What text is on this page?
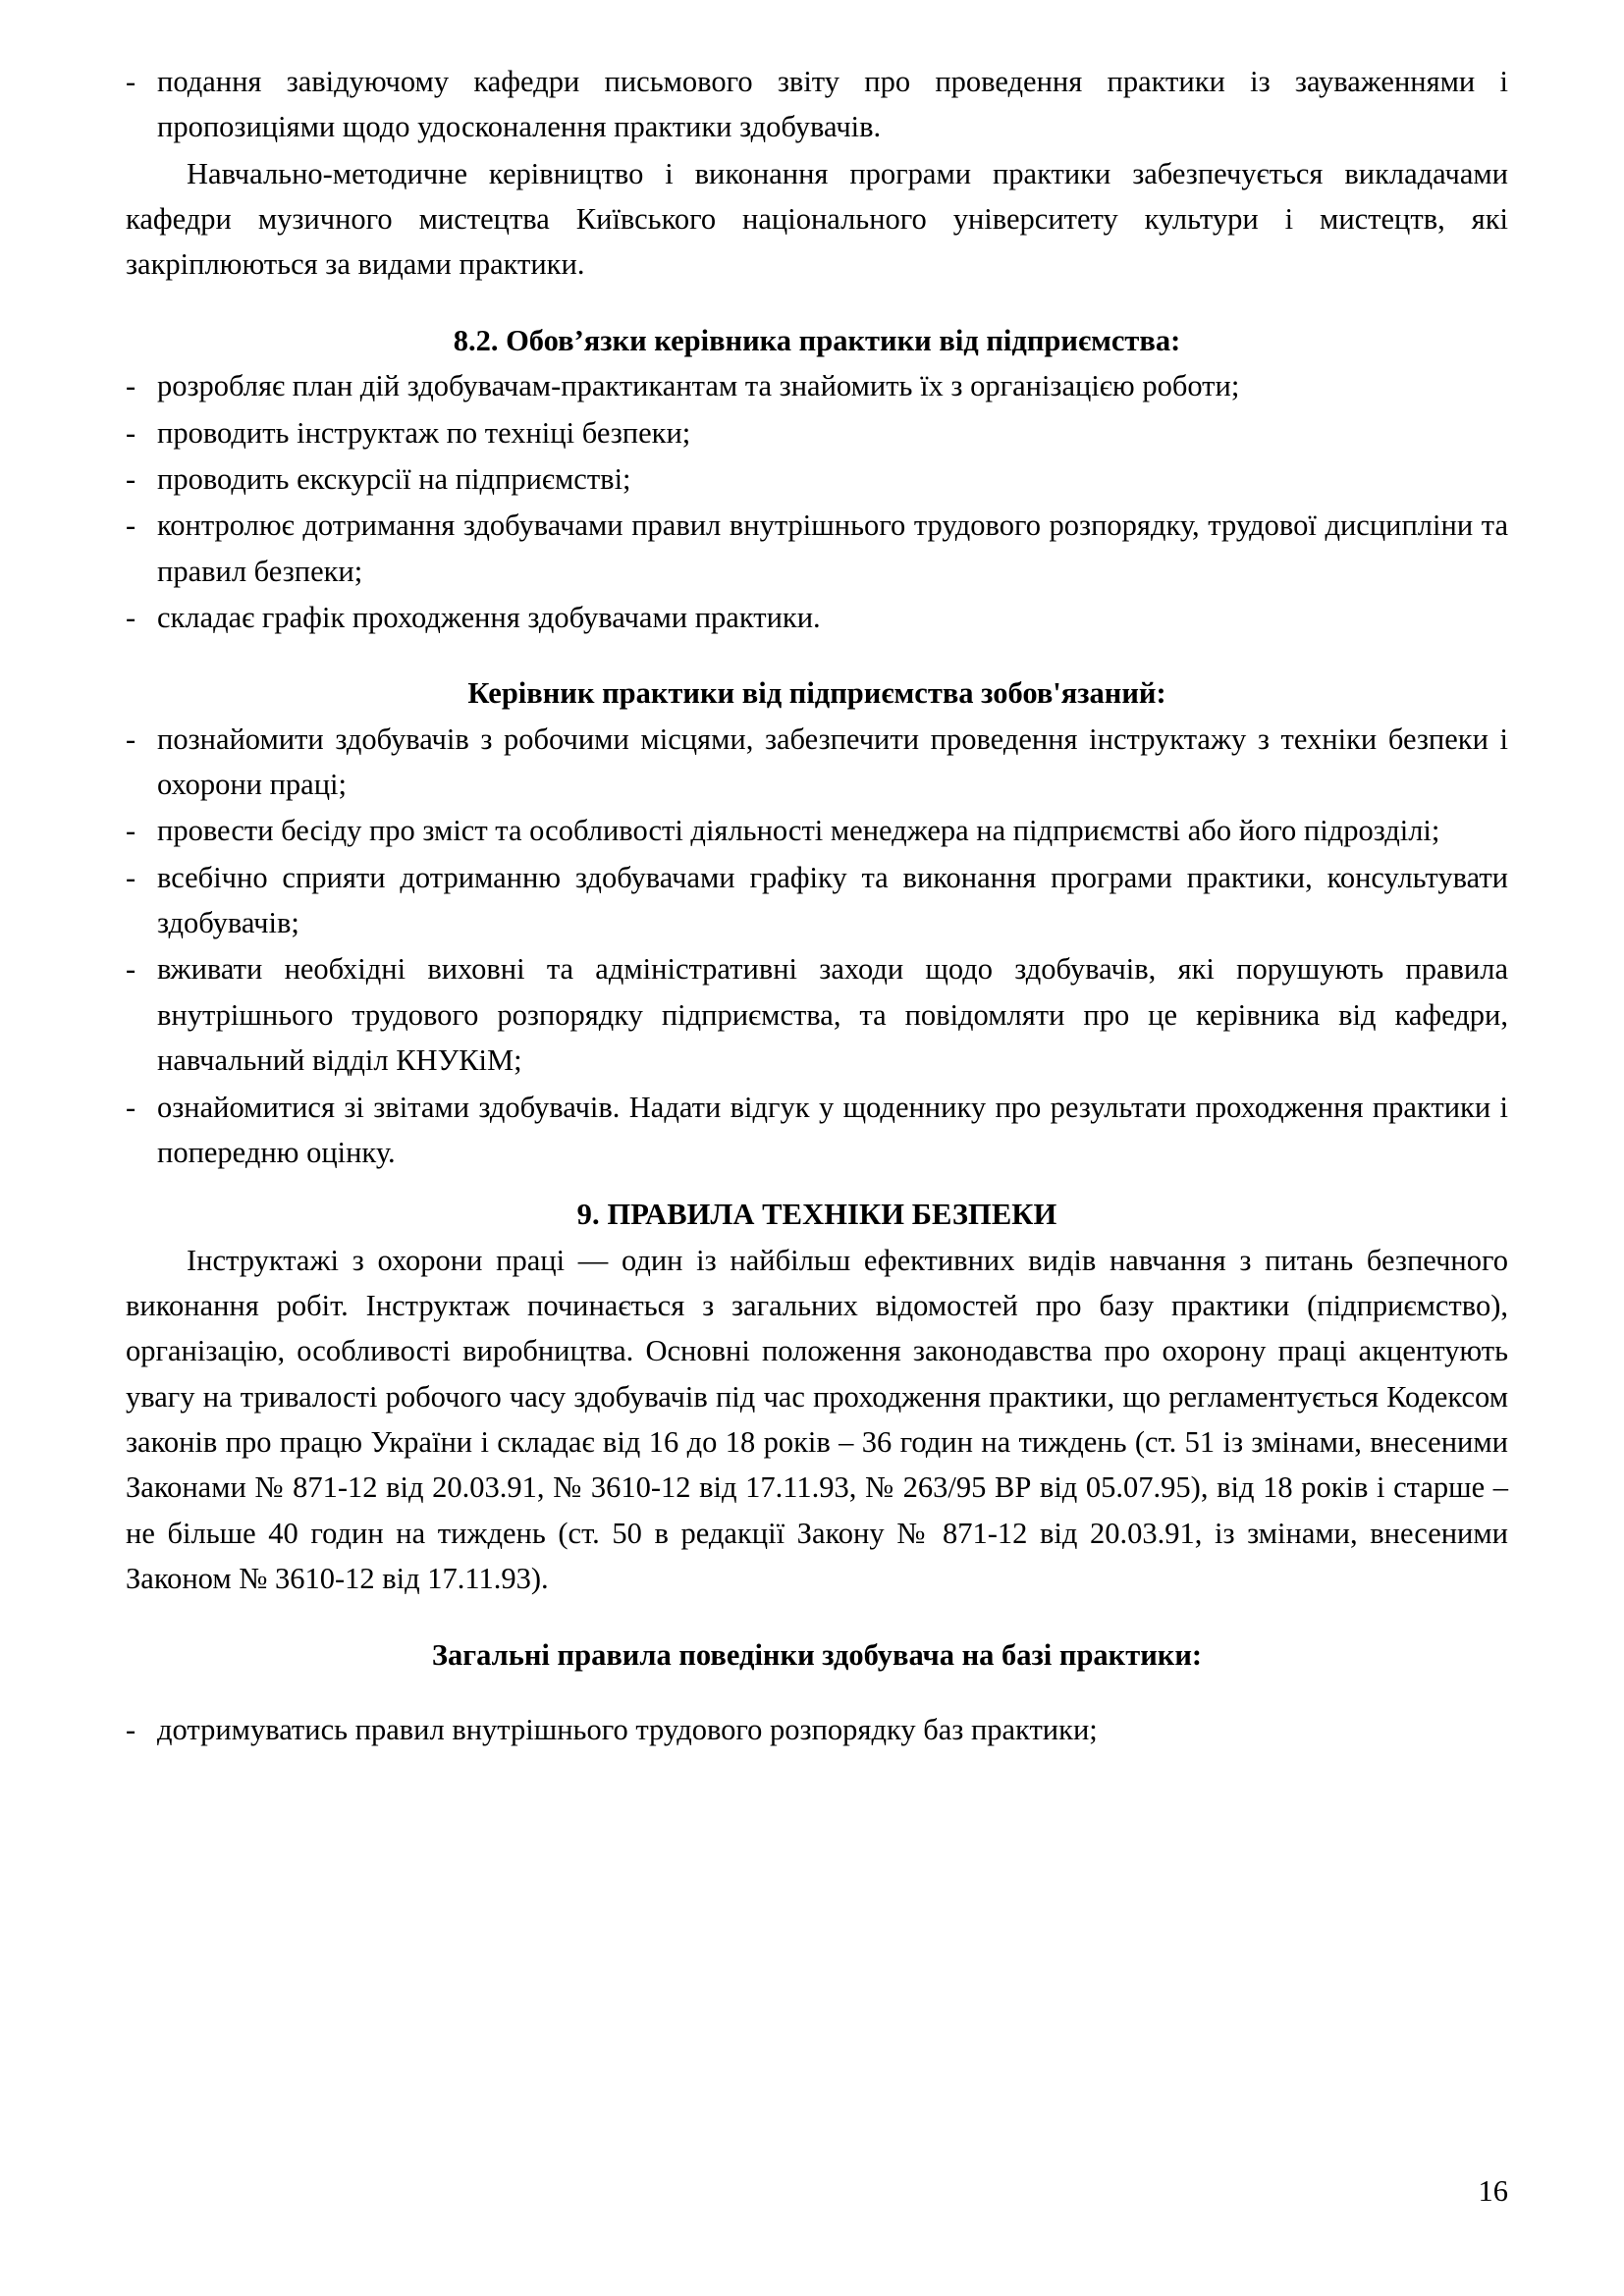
- подання завідуючому кафедри письмового звіту про проведення практики із зауваженнями і пропозиціями щодо удосконалення практики здобувачів.

Навчально-методичне керівництво і виконання програми практики забезпечується викладачами кафедри музичного мистецтва Київського національного університету культури і мистецтв, які закріплюються за видами практики.

8.2. Обов’язки керівника практики від підприємства:
- розробляє план дій здобувачам-практикантам та знайомить їх з організацією роботи;
- проводить інструктаж по техніці безпеки;
- проводить екскурсії на підприємстві;
- контролює дотримання здобувачами правил внутрішнього трудового розпорядку, трудової дисципліни та правил безпеки;
- складає графік проходження здобувачами практики.
Керівник практики від підприємства зобов'язаний:
- познайомити здобувачів з робочими місцями, забезпечити проведення інструктажу з техніки безпеки і охорони праці;
- провести бесіду про зміст та особливості діяльності менеджера на підприємстві або його підрозділі;
- всебічно сприяти дотриманню здобувачами графіку та виконання програми практики, консультувати здобувачів;
- вживати необхідні виховні та адміністративні заходи щодо здобувачів, які порушують правила внутрішнього трудового розпорядку підприємства, та повідомляти про це керівника від кафедри, навчальний відділ КНУКіМ;
- ознайомитися зі звітами здобувачів. Надати відгук у щоденнику про результати проходження практики і попередню оцінку.
9. ПРАВИЛА ТЕХНІКИ БЕЗПЕКИ

Інструктажі з охорони праці — один із найбільш ефективних видів навчання з питань безпечного виконання робіт. Інструктаж починається з загальних відомостей про базу практики (підприємство), організацію, особливості виробництва. Основні положення законодавства про охорону праці акцентують увагу на тривалості робочого часу здобувачів під час проходження практики, що регламентується Кодексом законів про працю України і складає від 16 до 18 років – 36 годин на тиждень (ст. 51 із змінами, внесеними Законами № 871-12 від 20.03.91, № 3610-12 від 17.11.93, № 263/95 ВР від 05.07.95), від 18 років і старше – не більше 40 годин на тиждень (ст. 50 в редакції Закону № 871-12 від 20.03.91, із змінами, внесеними Законом № 3610-12 від 17.11.93).

Загальні правила поведінки здобувача на базі практики:
- дотримуватись правил внутрішнього трудового розпорядку баз практики;
16
